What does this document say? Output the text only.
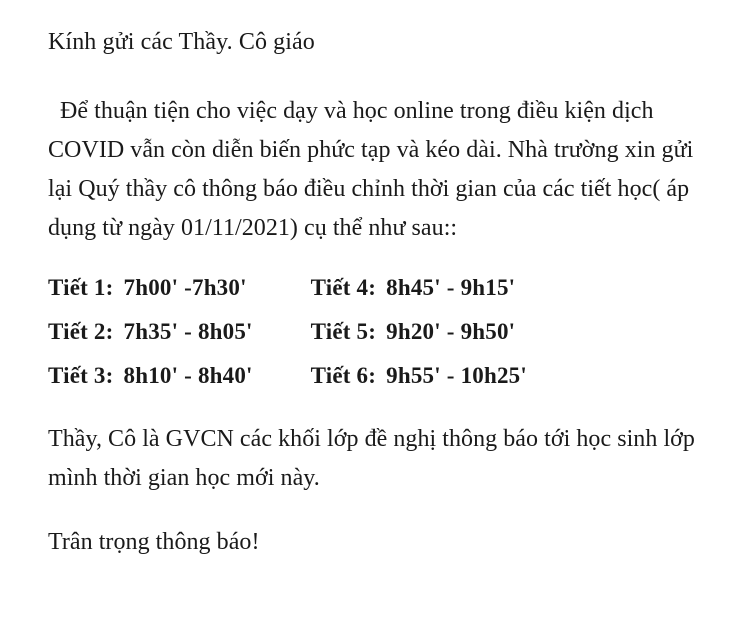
Kính gửi các Thầy. Cô giáo

Để thuận tiện cho việc dạy và học online trong điều kiện dịch COVID vẫn còn diễn biến phức tạp và kéo dài. Nhà trường xin gửi lại Quý thầy cô thông báo điều chỉnh thời gian của các tiết học( áp dụng từ ngày 01/11/2021) cụ thể như sau::

Tiết 1:	7h00' -7h30'	Tiết 4:	8h45' - 9h15'
Tiết 2:	7h35' - 8h05'	Tiết 5:	9h20' - 9h50'
Tiết 3:	8h10' - 8h40'	Tiết 6:	9h55' - 10h25'

Thầy, Cô là GVCN các khối lớp đề nghị thông báo tới học sinh lớp mình thời gian học mới này.

Trân trọng thông báo!
